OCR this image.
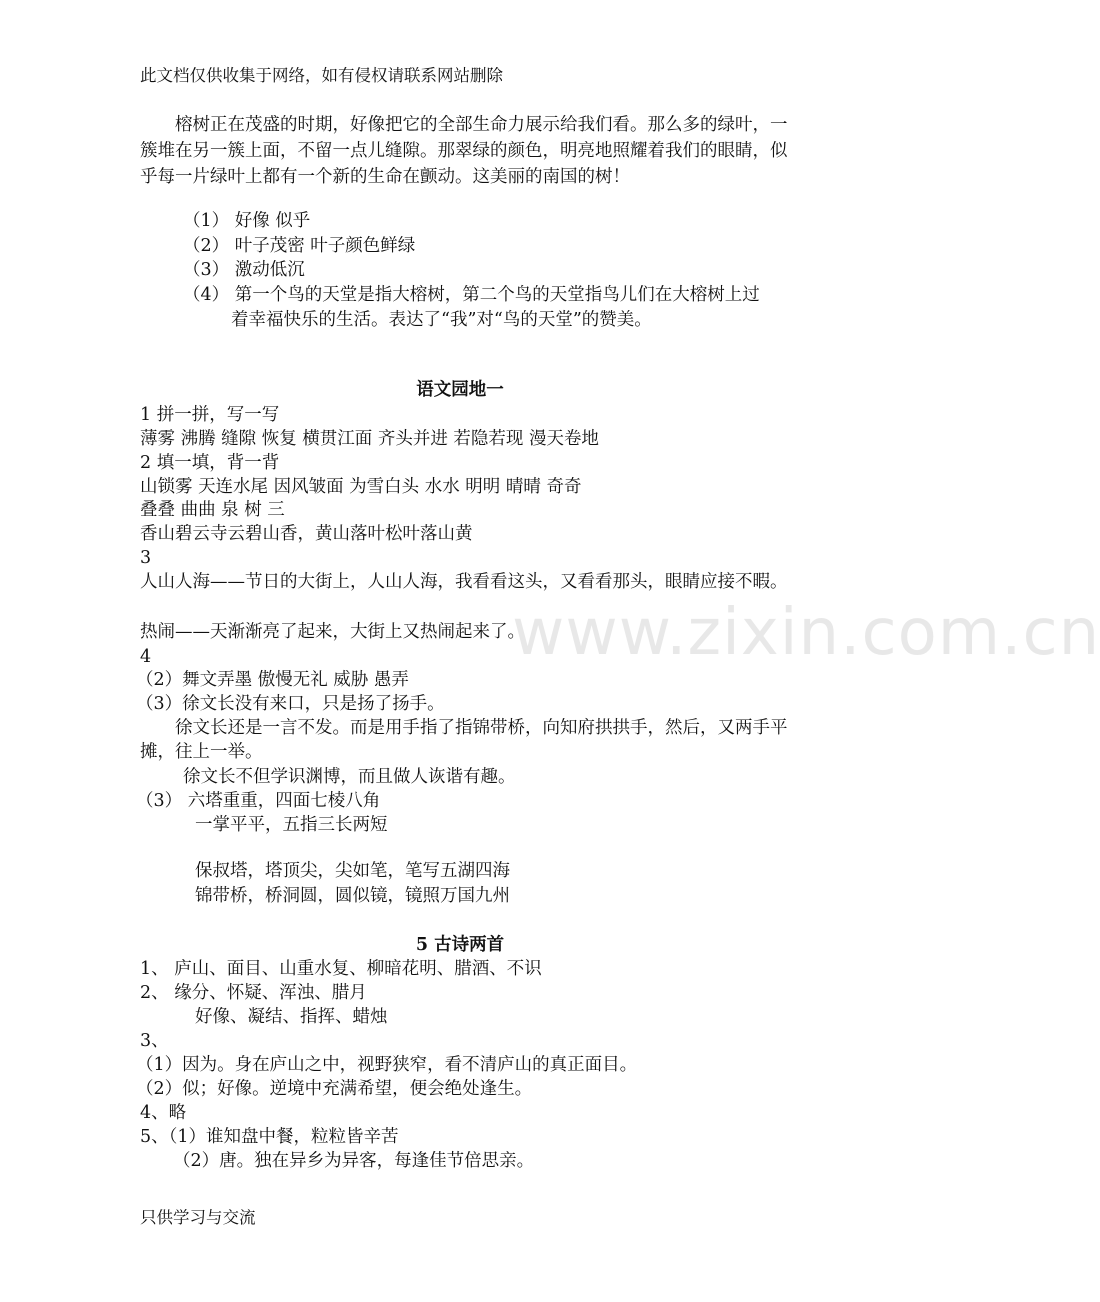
此文档仅供收集于网络，如有侵权请联系网站删除
www.zixin.com.cn
榕树正在茂盛的时期，好像把它的全部生命力展示给我们看。那么多的绿叶，一簇堆在另一簇上面，不留一点儿缝隙。那翠绿的颜色，明亮地照耀着我们的眼睛，似乎每一片绿叶上都有一个新的生命在颤动。这美丽的南国的树！
（1） 好像 似乎
（2） 叶子茂密 叶子颜色鲜绿
（3） 激动低沉
（4） 第一个鸟的天堂是指大榕树，第二个鸟的天堂指鸟儿们在大榕树上过
着幸福快乐的生活。表达了“我”对“鸟的天堂”的赞美。
语文园地一
1 拼一拼，写一写
薄雾 沸腾 缝隙 恢复 横贯江面 齐头并进 若隐若现 漫天卷地
2 填一填，背一背
山锁雾 天连水尾 因风皱面 为雪白头 水水 明明 晴晴 奇奇
叠叠 曲曲 泉 树 三
香山碧云寺云碧山香，黄山落叶松叶落山黄
3
人山人海——节日的大街上，人山人海，我看看这头，又看看那头，眼睛应接不暇。
热闹——天渐渐亮了起来，大街上又热闹起来了。
4
（2）舞文弄墨 傲慢无礼 威胁 愚弄
（3）徐文长没有来口，只是扬了扬手。
徐文长还是一言不发。而是用手指了指锦带桥，向知府拱拱手，然后，又两手平摊，往上一举。
徐文长不但学识渊博，而且做人诙谐有趣。
（3） 六塔重重，四面七棱八角
一掌平平，五指三长两短
保叔塔，塔顶尖，尖如笔，笔写五湖四海
锦带桥，桥洞圆，圆似镜，镜照万国九州
5 古诗两首
1、 庐山、面目、山重水复、柳暗花明、腊酒、不识
2、 缘分、怀疑、浑浊、腊月
好像、凝结、指挥、蜡烛
3、
（1）因为。身在庐山之中，视野狭窄，看不清庐山的真正面目。
（2）似；好像。逆境中充满希望，便会绝处逢生。
4、略
5、（1）谁知盘中餐，粒粒皆辛苦
（2）唐。独在异乡为异客，每逢佳节倍思亲。
只供学习与交流
